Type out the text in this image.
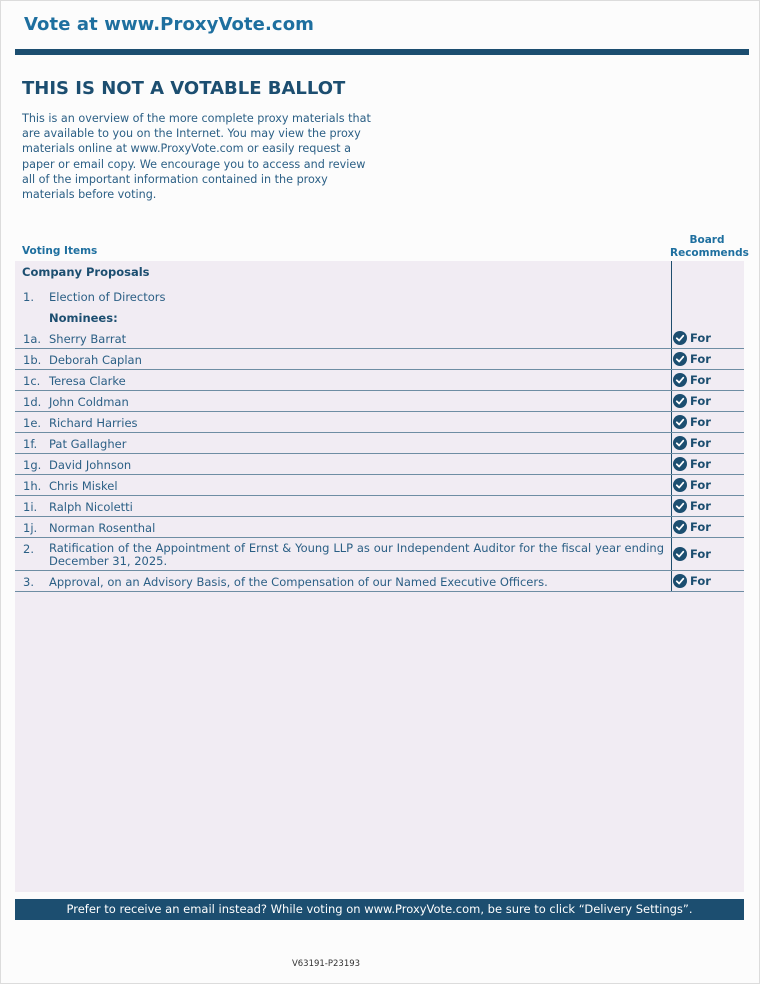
Vote at www.ProxyVote.com
THIS IS NOT A VOTABLE BALLOT
This is an overview of the more complete proxy materials that are available to you on the Internet. You may view the proxy materials online at www.ProxyVote.com or easily request a paper or email copy. We encourage you to access and review all of the important information contained in the proxy materials before voting.
Voting Items
Board
Recommends
Company Proposals
1. Election of Directors
Nominees:
1a. Sherry Barrat	For
1b. Deborah Caplan	For
1c. Teresa Clarke	For
1d. John Coldman	For
1e. Richard Harries	For
1f. Pat Gallagher	For
1g. David Johnson	For
1h. Chris Miskel	For
1i. Ralph Nicoletti	For
1j. Norman Rosenthal	For
2. Ratification of the Appointment of Ernst & Young LLP as our Independent Auditor for the fiscal year ending December 31, 2025.	For
3. Approval, on an Advisory Basis, of the Compensation of our Named Executive Officers.	For
Prefer to receive an email instead? While voting on www.ProxyVote.com, be sure to click “Delivery Settings”.
V63191-P23193
